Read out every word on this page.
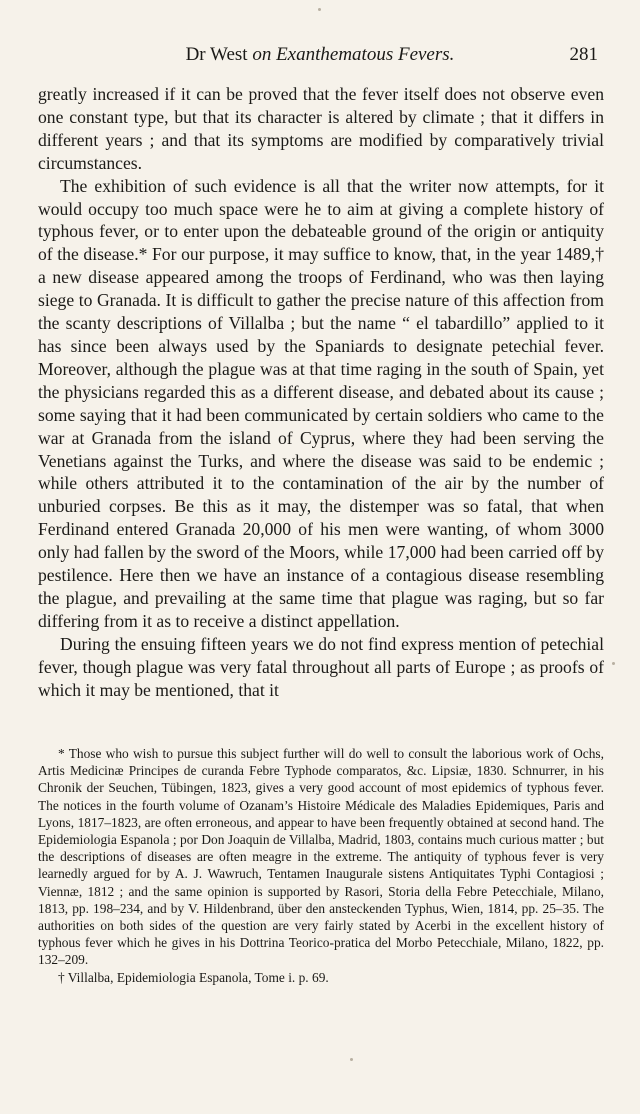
Dr West on Exanthematous Fevers.	281

greatly increased if it can be proved that the fever itself does not observe even one constant type, but that its character is altered by climate ; that it differs in different years ; and that its symptoms are modified by comparatively trivial circumstances.

The exhibition of such evidence is all that the writer now attempts, for it would occupy too much space were he to aim at giving a complete history of typhous fever, or to enter upon the debateable ground of the origin or antiquity of the disease.* For our purpose, it may suffice to know, that, in the year 1489,† a new disease appeared among the troops of Ferdinand, who was then laying siege to Granada. It is difficult to gather the precise nature of this affection from the scanty descriptions of Villalba ; but the name “ el tabardillo” applied to it has since been always used by the Spaniards to designate petechial fever. Moreover, although the plague was at that time raging in the south of Spain, yet the physicians regarded this as a different disease, and debated about its cause ; some saying that it had been communicated by certain soldiers who came to the war at Granada from the island of Cyprus, where they had been serving the Venetians against the Turks, and where the disease was said to be endemic ; while others attributed it to the contamination of the air by the number of unburied corpses. Be this as it may, the distemper was so fatal, that when Ferdinand entered Granada 20,000 of his men were wanting, of whom 3000 only had fallen by the sword of the Moors, while 17,000 had been carried off by pestilence. Here then we have an instance of a contagious disease resembling the plague, and prevailing at the same time that plague was raging, but so far differing from it as to receive a distinct appellation.

During the ensuing fifteen years we do not find express mention of petechial fever, though plague was very fatal throughout all parts of Europe ; as proofs of which it may be mentioned, that it

* Those who wish to pursue this subject further will do well to consult the laborious work of Ochs, Artis Medicinæ Principes de curanda Febre Typhode comparatos, &c. Lipsiæ, 1830. Schnurrer, in his Chronik der Seuchen, Tübingen, 1823, gives a very good account of most epidemics of typhous fever. The notices in the fourth volume of Ozanam’s Histoire Médicale des Maladies Epidemiques, Paris and Lyons, 1817–1823, are often erroneous, and appear to have been frequently obtained at second hand. The Epidemiologia Espanola ; por Don Joaquin de Villalba, Madrid, 1803, contains much curious matter ; but the descriptions of diseases are often meagre in the extreme. The antiquity of typhous fever is very learnedly argued for by A. J. Wawruch, Tentamen Inaugurale sistens Antiquitates Typhi Contagiosi ; Viennæ, 1812 ; and the same opinion is supported by Rasori, Storia della Febre Petecchiale, Milano, 1813, pp. 198–234, and by V. Hildenbrand, über den ansteckenden Typhus, Wien, 1814, pp. 25–35. The authorities on both sides of the question are very fairly stated by Acerbi in the excellent history of typhous fever which he gives in his Dottrina Teorico-pratica del Morbo Petecchiale, Milano, 1822, pp. 132–209.

† Villalba, Epidemiologia Espanola, Tome i. p. 69.
